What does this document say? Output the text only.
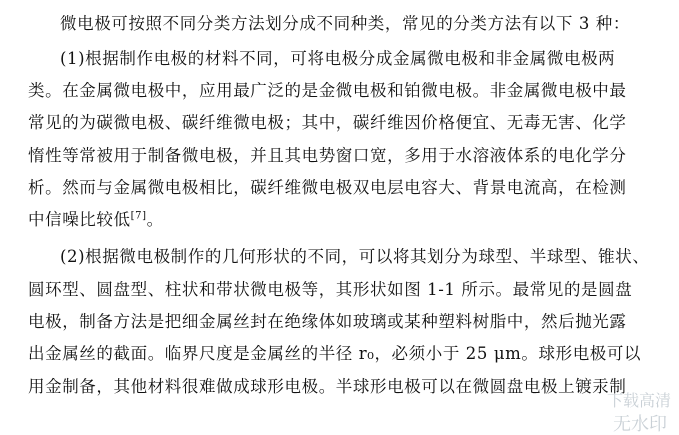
微电极可按照不同分类方法划分成不同种类，常见的分类方法有以下 3 种：
(1)根据制作电极的材料不同，可将电极分成金属微电极和非金属微电极两
类。在金属微电极中，应用最广泛的是金微电极和铂微电极。非金属微电极中最
常见的为碳微电极、碳纤维微电极；其中，碳纤维因价格便宜、无毒无害、化学
惰性等常被用于制备微电极，并且其电势窗口宽，多用于水溶液体系的电化学分
析。然而与金属微电极相比，碳纤维微电极双电层电容大、背景电流高，在检测
中信噪比较低[7]。
(2)根据微电极制作的几何形状的不同，可以将其划分为球型、半球型、锥状、
圆环型、圆盘型、柱状和带状微电极等，其形状如图 1-1 所示。最常见的是圆盘
电极，制备方法是把细金属丝封在绝缘体如玻璃或某种塑料树脂中，然后抛光露
出金属丝的截面。临界尺度是金属丝的半径 r₀，必须小于 25 μm。球形电极可以
用金制备，其他材料很难做成球形电极。半球形电极可以在微圆盘电极上镀汞制
下载高清
无水印
